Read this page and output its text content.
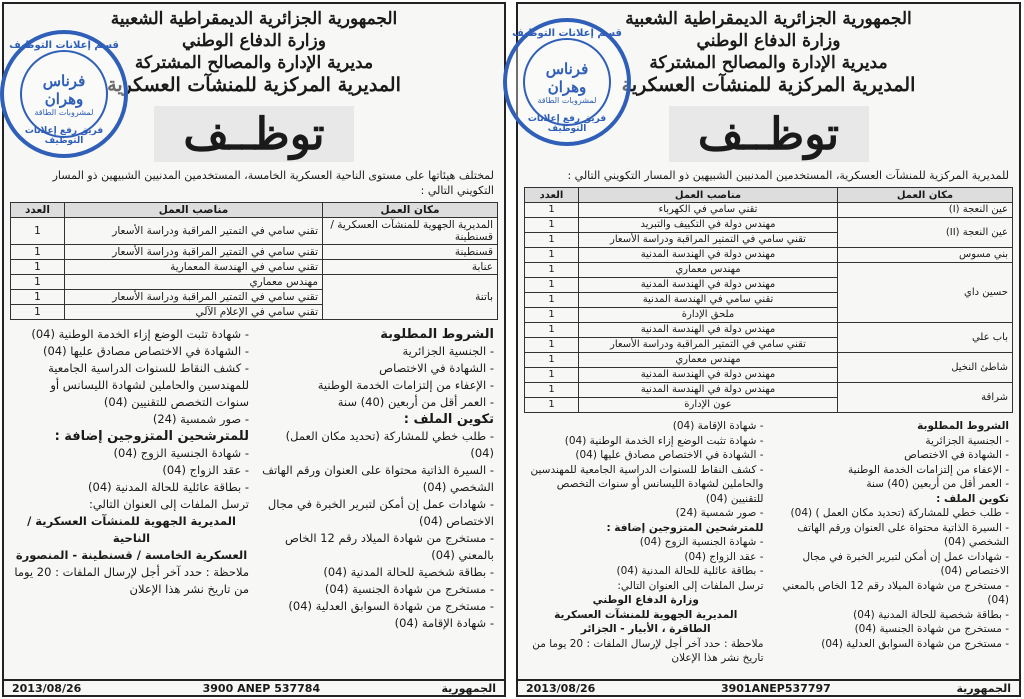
الجمهورية الجزائرية الديمقراطية الشعبية
وزارة الدفاع الوطني
مديرية الإدارة والمصالح المشتركة
المديرية المركزية للمنشآت العسكرية
توظــف
لمختلف هيئاتها على مستوى الناحية العسكرية الخامسة، المستخدمين المدنيين الشبيهين ذو المسار التكويني التالي :
مكان العمل	مناصب العمل	العدد
المديرية الجهوية للمنشآت العسكرية / قسنطينة	تقني سامي في التمتير المراقبة ودراسة الأسعار	1
قسنطينة	تقني سامي في التمتير المراقبة ودراسة الأسعار	1
عنابة	تقني سامي في الهندسة المعمارية	1
باتنة	مهندس معماري	1
	تقني سامي في التمتير المراقبة ودراسة الأسعار	1
	تقني سامي في الإعلام الآلي	1
الشروط المطلوبة
- الجنسية الجزائرية
- الشهادة في الاختصاص
- الإعفاء من إلتزامات الخدمة الوطنية
- العمر أقل من أربعين (40) سنة
تكوين الملف :
- طلب خطي للمشاركة (تحديد مكان العمل) (04)
- السيرة الذاتية محتواة على العنوان ورقم الهاتف الشخصي (04)
- شهادات عمل إن أمكن لتبرير الخبرة في مجال الاختصاص (04)
- مستخرج من شهادة الميلاد رقم 12 الخاص بالمعني (04)
- بطاقة شخصية للحالة المدنية (04)
- مستخرج من شهادة الجنسية (04)
- مستخرج من شهادة السوابق العدلية (04)
- شهادة الإقامة (04)
- شهادة تثبت الوضع إزاء الخدمة الوطنية (04)
- الشهادة في الاختصاص مصادق عليها (04)
- كشف النقاط للسنوات الدراسية الجامعية للمهندسين والحاملين لشهادة الليسانس أو سنوات التخصص للتقنيين (04)
- صور شمسية (24)
للمترشحين المتزوجين إضافة :
- شهادة الجنسية الزوج (04)
- عقد الزواج (04)
- بطاقة عائلية للحالة المدنية (04)
ترسل الملفات إلى العنوان التالي:
المديرية الجهوية للمنشآت العسكرية /
الناحية
العسكرية الخامسة / قسنطينة - المنصورة
ملاحظة : حدد آخر أجل لإرسال الملفات : 20 يوما من تاريخ نشر هذا الإعلان
2013/08/26	3900 ANEP 537784	الجمهورية
الجمهورية الجزائرية الديمقراطية الشعبية
وزارة الدفاع الوطني
مديرية الإدارة والمصالح المشتركة
المديرية المركزية للمنشآت العسكرية
توظــف
للمديرية المركزية للمنشآت العسكرية، المستخدمين المدنيين الشبيهين ذو المسار التكويني التالي :
مكان العمل	مناصب العمل	العدد
عين النعجة (I)	تقني سامي في الكهرباء	1
عين النعجة (II)	مهندس دولة في التكييف والتبريد	1
	تقني سامي في التمتير المراقبة ودراسة الأسعار	1
بني مسوس	مهندس دولة في الهندسة المدنية	1
حسين داي	مهندس معماري	1
	مهندس دولة في الهندسة المدنية	1
	تقني سامي في الهندسة المدنية	1
	ملحق الإدارة	1
باب علي	مهندس دولة في الهندسة المدنية	1
	تقني سامي في التمتير المراقبة ودراسة الأسعار	1
شاطئ النخيل	مهندس معماري	1
	مهندس دولة في الهندسة المدنية	1
شراقة	مهندس دولة في الهندسة المدنية	1
	عون الإدارة	1
الشروط المطلوبة
- الجنسية الجزائرية
- الشهادة في الاختصاص
- الإعفاء من إلتزامات الخدمة الوطنية
- العمر أقل من أربعين (40) سنة
تكوين الملف :
- طلب خطي للمشاركة (تحديد مكان العمل ) (04)
- السيرة الذاتية محتواة على العنوان ورقم الهاتف الشخصي (04)
- شهادات عمل إن أمكن لتبرير الخبرة في مجال الاختصاص (04)
- مستخرج من شهادة الميلاد رقم 12 الخاص بالمعني (04)
- بطاقة شخصية للحالة المدنية (04)
- مستخرج من شهادة الجنسية (04)
- مستخرج من شهادة السوابق العدلية (04)
- شهادة الإقامة (04)
- شهادة تثبت الوضع إزاء الخدمة الوطنية (04)
- الشهادة في الاختصاص مصادق عليها (04)
- كشف النقاط للسنوات الدراسية الجامعية للمهندسين والحاملين لشهادة الليسانس أو سنوات التخصص للتقنيين (04)
- صور شمسية (24)
للمترشحين المتزوجين إضافة :
- شهادة الجنسية الزوج (04)
- عقد الزواج (04)
- بطاقة عائلية للحالة المدنية (04)
ترسل الملفات إلى العنوان التالي:
وزارة الدفاع الوطني
المديرية الجهوية للمنشآت العسكرية
الطاقرة ، الأبيار - الجزائر
ملاحظة : حدد آخر أجل لإرسال الملفات : 20 يوما من تاريخ نشر هذا الإعلان
2013/08/26	3901ANEP537797	الجمهورية
قسم إعلانات التوظيف
فرناس وهران
لمشروبات الطاقة
فريق رفع إعلانات التوظيف
قسم إعلانات التوظيف
فرناس وهران
لمشروبات الطاقة
فريق رفع إعلانات التوظيف
